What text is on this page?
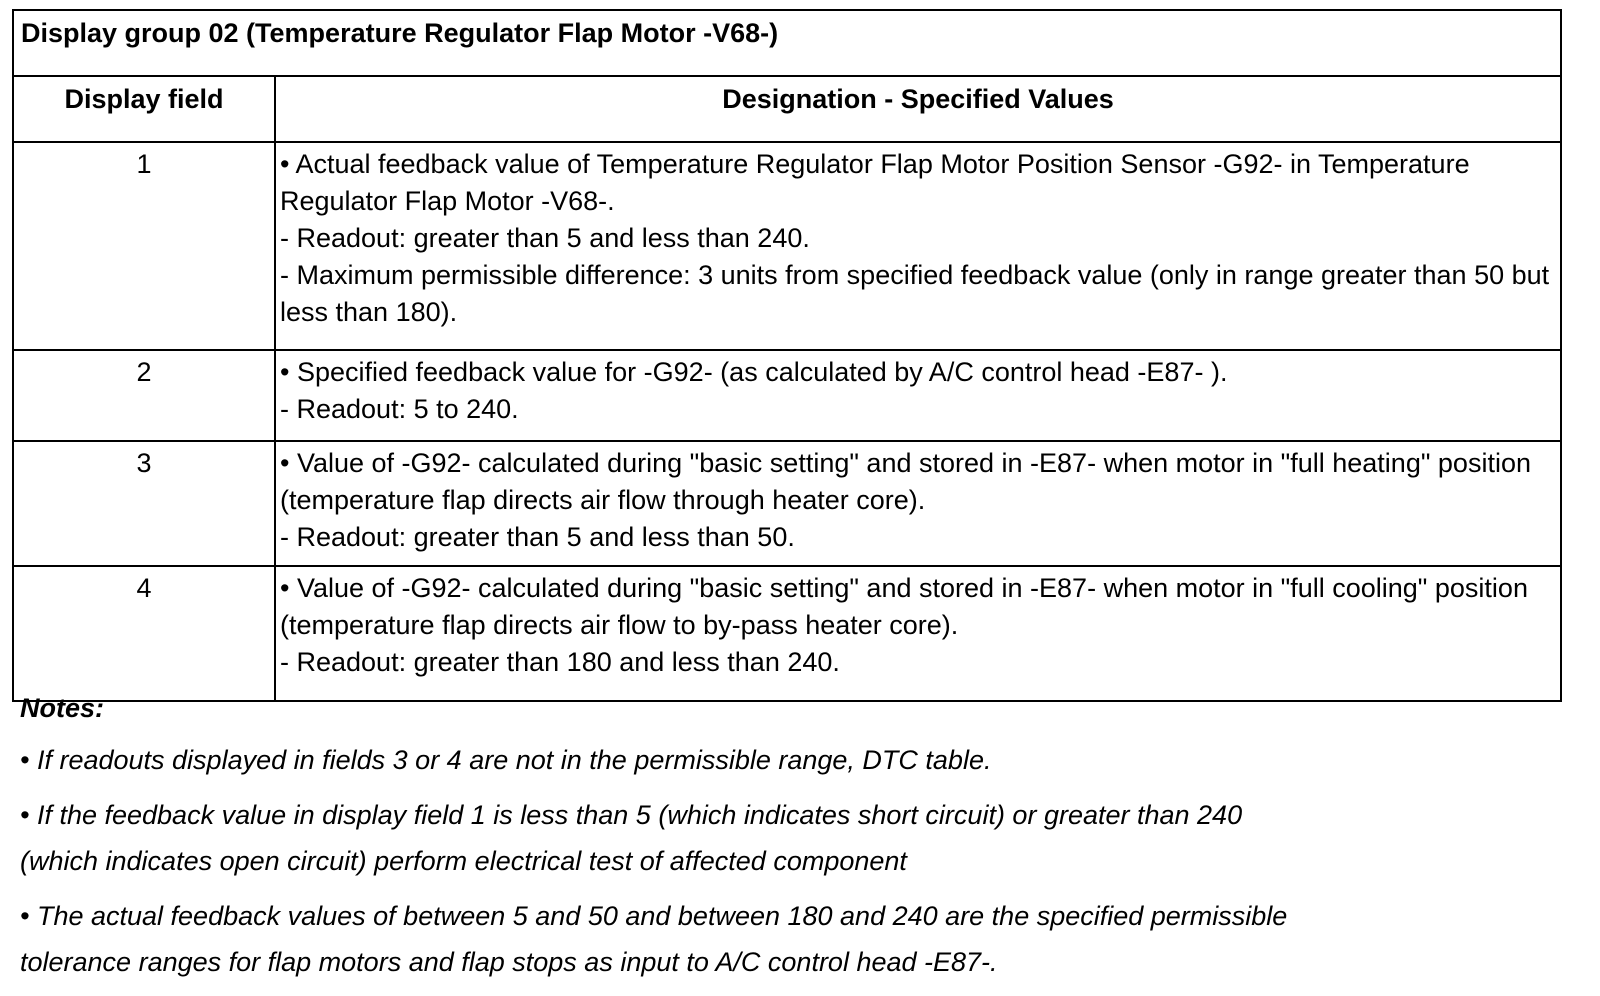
Display group 02 (Temperature Regulator Flap Motor -V68-)	
Display field	Designation - Specified Values
1	• Actual feedback value of Temperature Regulator Flap Motor Position Sensor -G92- in Temperature Regulator Flap Motor -V68-.
- Readout: greater than 5 and less than 240.
- Maximum permissible difference: 3 units from specified feedback value (only in range greater than 50 but less than 180).

2	• Specified feedback value for -G92- (as calculated by A/C control head -E87- ).
- Readout: 5 to 240.

3	• Value of -G92- calculated during "basic setting" and stored in -E87- when motor in "full heating" position (temperature flap directs air flow through heater core).
- Readout: greater than 5 and less than 50.

4	• Value of -G92- calculated during "basic setting" and stored in -E87- when motor in "full cooling" position (temperature flap directs air flow to by-pass heater core).
- Readout: greater than 180 and less than 240.
Notes:
• If readouts displayed in fields 3 or 4 are not in the permissible range, DTC table.
• If the feedback value in display field 1 is less than 5 (which indicates short circuit) or greater than 240 (which indicates open circuit) perform electrical test of affected component
• The actual feedback values of between 5 and 50 and between 180 and 240 are the specified permissible tolerance ranges for flap motors and flap stops as input to A/C control head -E87-.
